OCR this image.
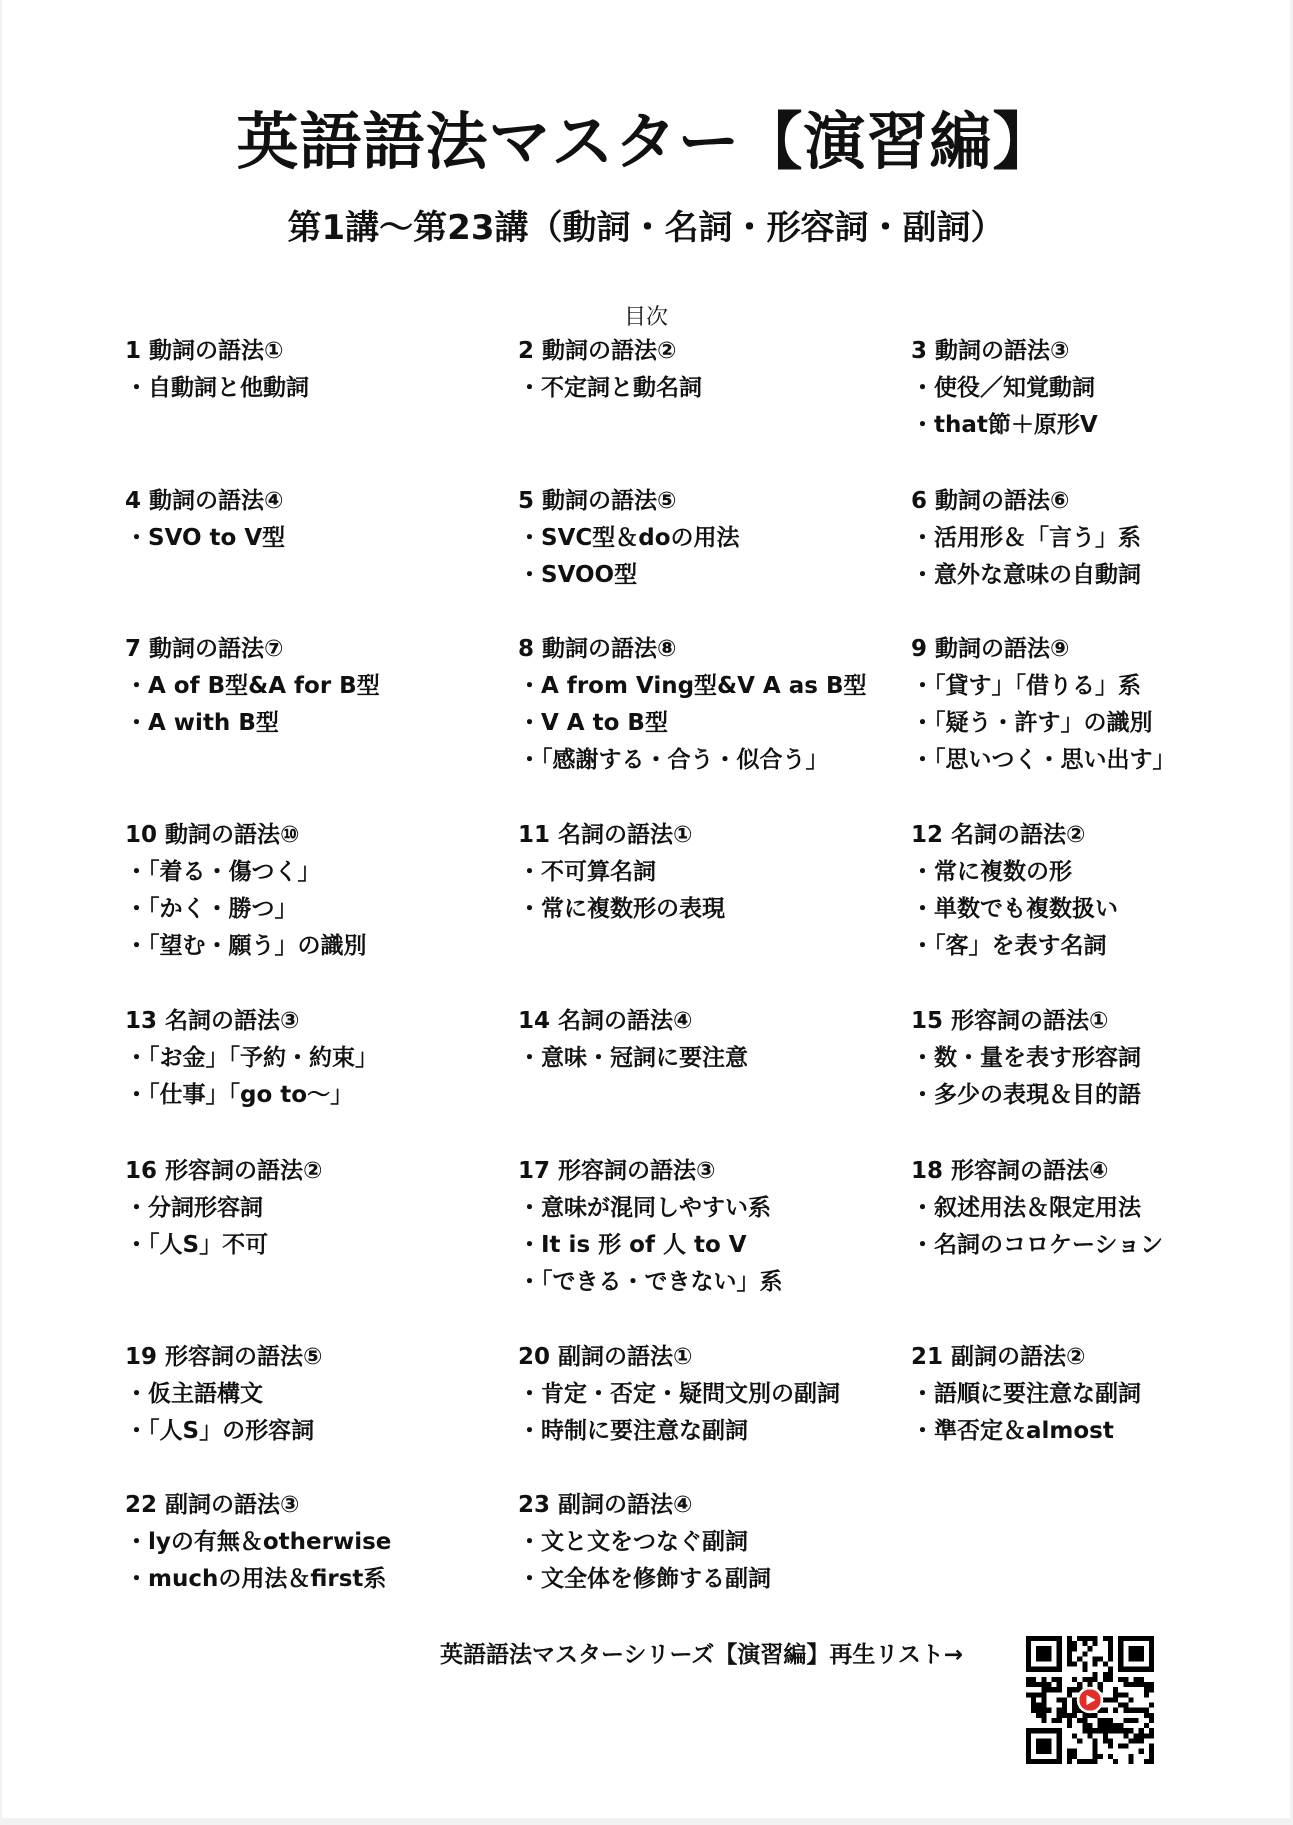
英語語法マスター【演習編】
第1講〜第23講（動詞・名詞・形容詞・副詞）
目次
1 動詞の語法①
・自動詞と他動詞
2 動詞の語法②
・不定詞と動名詞
3 動詞の語法③
・使役／知覚動詞
・that節＋原形V
4 動詞の語法④
・SVO to V型
5 動詞の語法⑤
・SVC型＆doの用法
・SVOO型
6 動詞の語法⑥
・活用形＆「言う」系
・意外な意味の自動詞
7 動詞の語法⑦
・A of B型&A for B型
・A with B型
8 動詞の語法⑧
・A from Ving型&V A as B型
・V A to B型
・「感謝する・合う・似合う」
9 動詞の語法⑨
・「貸す」「借りる」系
・「疑う・許す」の識別
・「思いつく・思い出す」
10 動詞の語法⑩
・「着る・傷つく」
・「かく・勝つ」
・「望む・願う」の識別
11 名詞の語法①
・不可算名詞
・常に複数形の表現
12 名詞の語法②
・常に複数の形
・単数でも複数扱い
・「客」を表す名詞
13 名詞の語法③
・「お金」「予約・約束」
・「仕事」「go to〜」
14 名詞の語法④
・意味・冠詞に要注意
15 形容詞の語法①
・数・量を表す形容詞
・多少の表現＆目的語
16 形容詞の語法②
・分詞形容詞
・「人S」不可
17 形容詞の語法③
・意味が混同しやすい系
・It is 形 of 人 to V
・「できる・できない」系
18 形容詞の語法④
・叙述用法＆限定用法
・名詞のコロケーション
19 形容詞の語法⑤
・仮主語構文
・「人S」の形容詞
20 副詞の語法①
・肯定・否定・疑問文別の副詞
・時制に要注意な副詞
21 副詞の語法②
・語順に要注意な副詞
・準否定＆almost
22 副詞の語法③
・lyの有無＆otherwise
・muchの用法＆first系
23 副詞の語法④
・文と文をつなぐ副詞
・文全体を修飾する副詞
英語語法マスターシリーズ【演習編】再生リスト→
